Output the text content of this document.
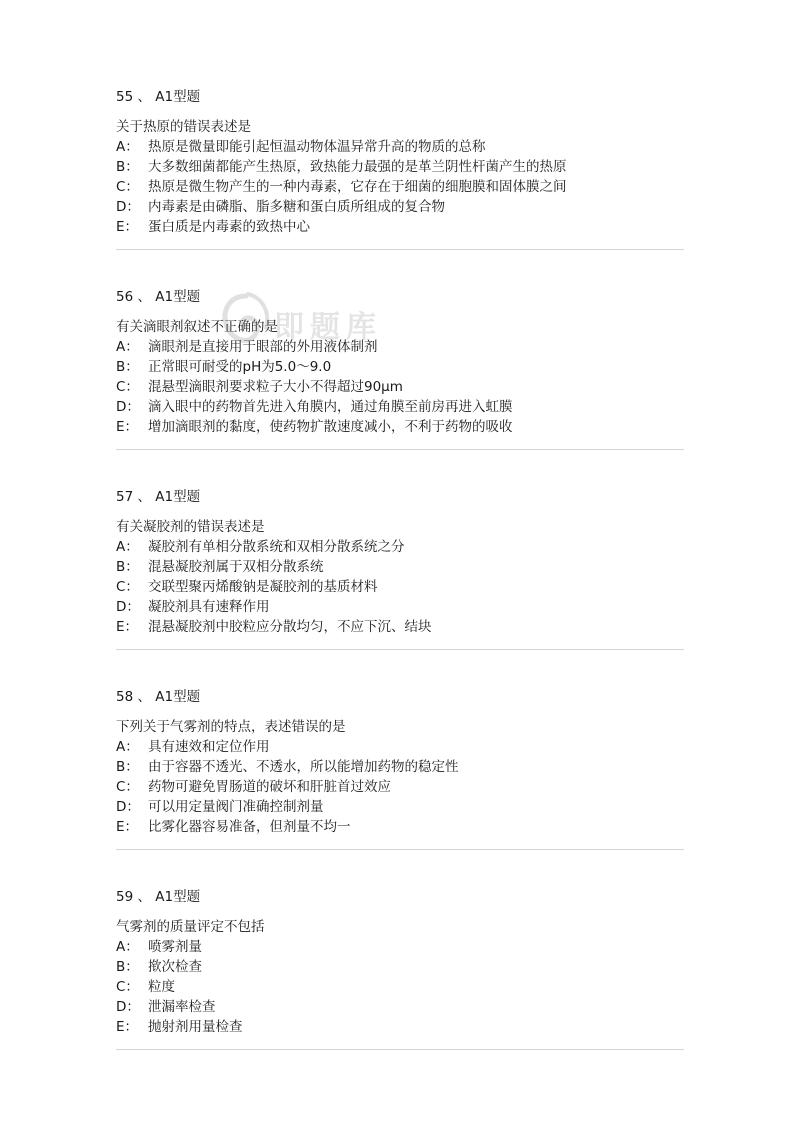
55 、 A1型题
关于热原的错误表述是
A： 热原是微量即能引起恒温动物体温异常升高的物质的总称
B： 大多数细菌都能产生热原，致热能力最强的是革兰阴性杆菌产生的热原
C： 热原是微生物产生的一种内毒素，它存在于细菌的细胞膜和固体膜之间
D： 内毒素是由磷脂、脂多糖和蛋白质所组成的复合物
E： 蛋白质是内毒素的致热中心
56 、 A1型题
有关滴眼剂叙述不正确的是
A： 滴眼剂是直接用于眼部的外用液体制剂
B： 正常眼可耐受的pH为5.0～9.0
C： 混悬型滴眼剂要求粒子大小不得超过90μm
D： 滴入眼中的药物首先进入角膜内，通过角膜至前房再进入虹膜
E： 增加滴眼剂的黏度，使药物扩散速度减小，不利于药物的吸收
57 、 A1型题
有关凝胶剂的错误表述是
A： 凝胶剂有单相分散系统和双相分散系统之分
B： 混悬凝胶剂属于双相分散系统
C： 交联型聚丙烯酸钠是凝胶剂的基质材料
D： 凝胶剂具有速释作用
E： 混悬凝胶剂中胶粒应分散均匀，不应下沉、结块
58 、 A1型题
下列关于气雾剂的特点，表述错误的是
A： 具有速效和定位作用
B： 由于容器不透光、不透水，所以能增加药物的稳定性
C： 药物可避免胃肠道的破坏和肝脏首过效应
D： 可以用定量阀门准确控制剂量
E： 比雾化器容易准备，但剂量不均一
59 、 A1型题
气雾剂的质量评定不包括
A： 喷雾剂量
B： 揿次检查
C： 粒度
D： 泄漏率检查
E： 抛射剂用量检查
即题库
